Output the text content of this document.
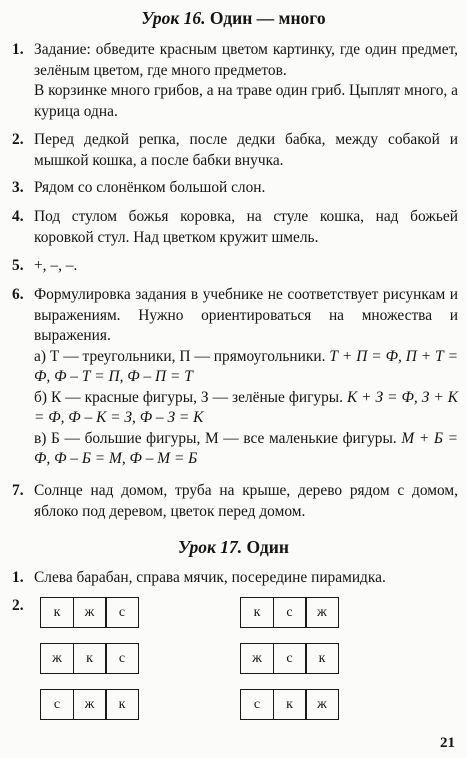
Урок 16. Один — много
1. Задание: обведите красным цветом картинку, где один предмет, зелёным цветом, где много предметов.

В корзинке много грибов, а на траве один гриб. Цыплят много, а курица одна.

2. Перед дедкой репка, после дедки бабка, между собакой и мышкой кошка, а после бабки внучка.

3. Рядом со слонёнком большой слон.

4. Под стулом божья коровка, на стуле кошка, над божьей коровкой стул. Над цветком кружит шмель.

5. +, –, –.

6. Формулировка задания в учебнике не соответствует рисункам и выражениям. Нужно ориентироваться на множества и выражения.

а) Т — треугольники, П — прямоугольники. Т + П = Ф, П + Т = Ф, Ф – Т = П, Ф – П = Т

б) К — красные фигуры, З — зелёные фигуры. К + З = Ф, З + К = Ф, Ф – К = З, Ф – З = К

в) Б — большие фигуры, М — все маленькие фигуры. М + Б = Ф, Ф – Б = М, Ф – М = Б

7. Солнце над домом, труба на крыше, дерево рядом с домом, яблоко под деревом, цветок перед домом.

Урок 17. Один
1. Слева барабан, справа мячик, посередине пирамидка.

2.	к	ж	с	к	с	ж
ж	к	с	ж	с	к
с	ж	к	с	к	ж
21
